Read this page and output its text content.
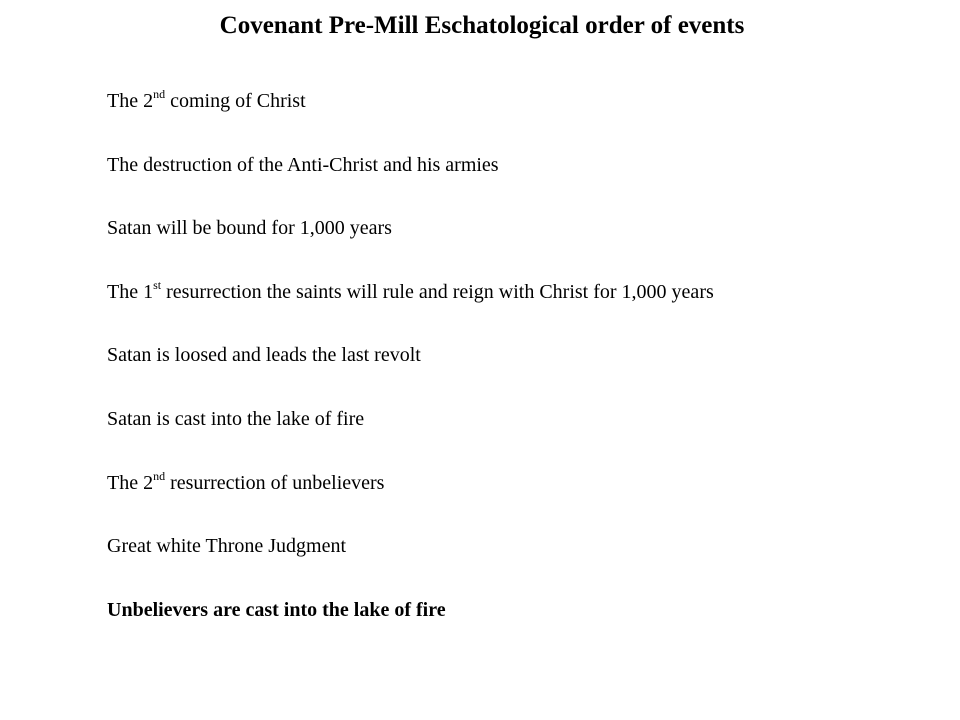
Covenant Pre-Mill Eschatological order of events
The 2nd coming of Christ
The destruction of the Anti-Christ and his armies
Satan will be bound for 1,000 years
The 1st resurrection the saints will rule and reign with Christ for 1,000 years
Satan is loosed and leads the last revolt
Satan is cast into the lake of fire
The 2nd resurrection of unbelievers
Great white Throne Judgment
Unbelievers are cast into the lake of fire
